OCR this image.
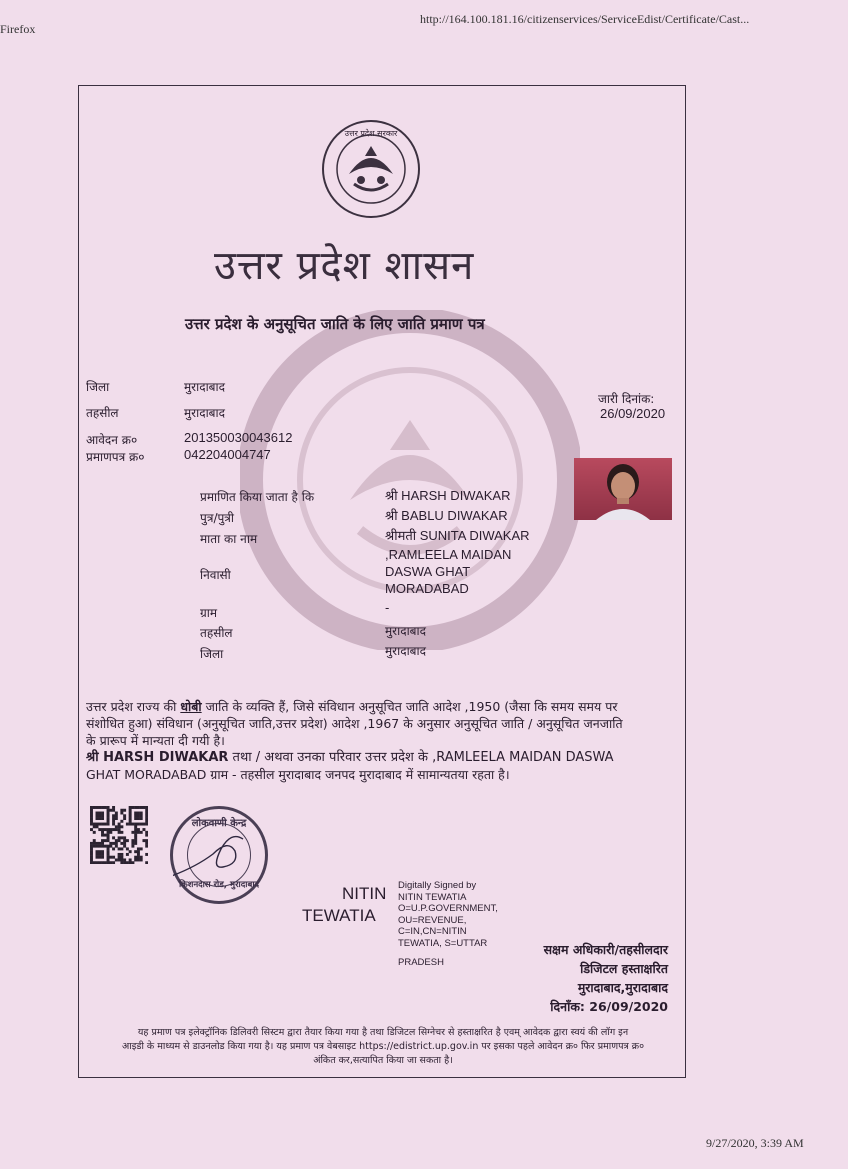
Firefox
http://164.100.181.16/citizenservices/ServiceEdist/Certificate/Cast...
9/27/2020, 3:39 AM
उत्तर प्रदेश सरकार
उत्तर प्रदेश शासन
उत्तर प्रदेश के अनुसूचित जाति के लिए जाति प्रमाण पत्र
जिला	मुरादाबाद
तहसील	मुरादाबाद
आवेदन क्र०	201350030043612
प्रमाणपत्र क्र०	042204004747
जारी दिनांक:
26/09/2020
प्रमाणित किया जाता है कि	श्री HARSH DIWAKAR
पुत्र/पुत्री	श्री BABLU DIWAKAR
माता का नाम	श्रीमती SUNITA DIWAKAR
निवासी
,RAMLEELA MAIDAN
DASWA GHAT
MORADABAD
ग्राम	-
तहसील	मुरादाबाद
जिला	मुरादाबाद
उत्तर प्रदेश राज्य की धोबी जाति के व्यक्ति हैं, जिसे संविधान अनुसूचित जाति आदेश ,1950 (जैसा कि समय समय पर
संशोधित हुआ) संविधान (अनुसूचित जाति,उत्तर प्रदेश) आदेश ,1967 के अनुसार अनुसूचित जाति / अनुसूचित जनजाति
के प्रारूप में मान्यता दी गयी है।
श्री HARSH DIWAKAR तथा / अथवा उनका परिवार उत्तर प्रदेश के ,RAMLEELA MAIDAN DASWA
GHAT MORADABAD ग्राम - तहसील मुरादाबाद जनपद मुरादाबाद में सामान्यतया रहता है।
लोकवाणी केन्द्र
किशनदास रोड, मुरादाबाद	NITIN
TEWATIA
Digitally Signed by
NITIN TEWATIA
O=U.P.GOVERNMENT,
OU=REVENUE,
C=IN,CN=NITIN
TEWATIA, S=UTTAR
PRADESH
सक्षम अधिकारी/तहसीलदार
डिजिटल हस्ताक्षरित
मुरादाबाद,मुरादाबाद
दिनाँक: 26/09/2020
यह प्रमाण पत्र इलेक्ट्रॉनिक डिलिवरी सिस्टम द्वारा तैयार किया गया है तथा डिजिटल सिग्नेचर से हस्ताक्षरित है एवम् आवेदक द्वारा स्वयं की लॉग इन
आइडी के माध्यम से डाउनलोड किया गया है। यह प्रमाण पत्र वेबसाइट https://edistrict.up.gov.in पर इसका पहले आवेदन क्र० फिर प्रमाणपत्र क्र०
अंकित कर,सत्यापित किया जा सकता है।
